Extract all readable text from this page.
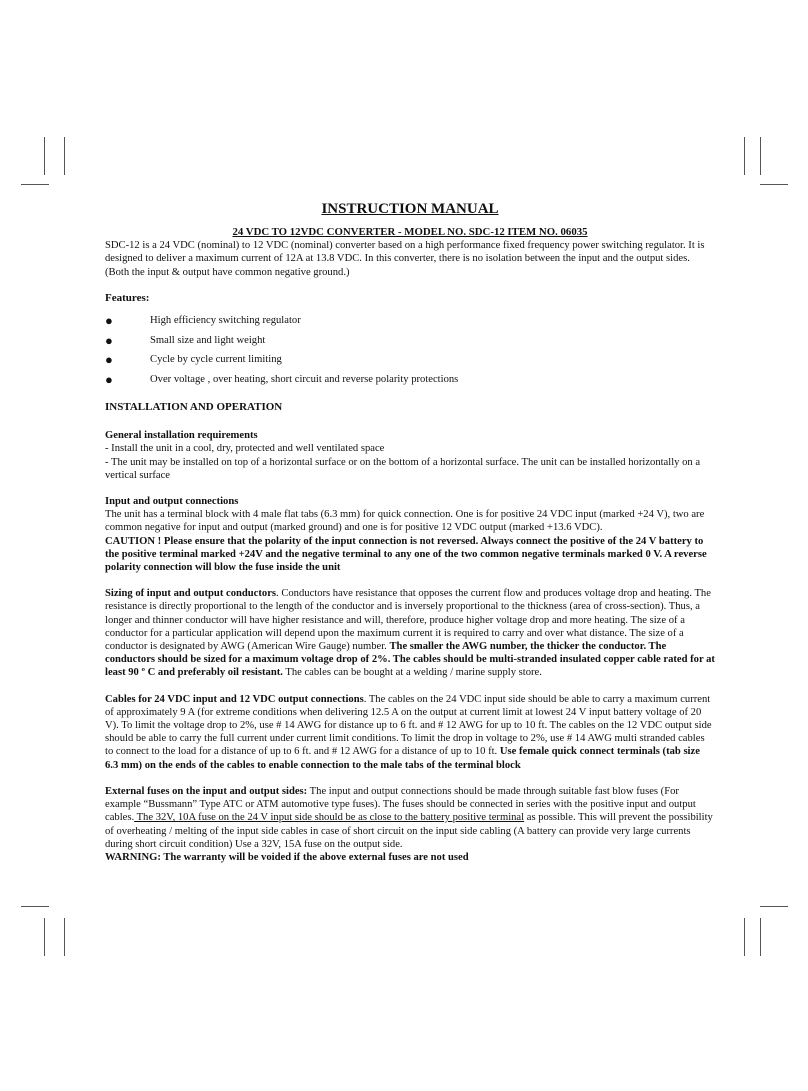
INSTRUCTION MANUAL
24 VDC TO 12VDC CONVERTER - MODEL NO. SDC-12 ITEM NO. 06035

SDC-12 is a 24 VDC (nominal) to 12 VDC (nominal) converter based on a high performance fixed frequency power switching regulator. It is designed to deliver a maximum current of 12A at 13.8 VDC. In this converter, there is no isolation between the input and the output sides. (Both the input & output have common negative ground.)

Features:
●	High efficiency switching regulator
●	Small size and light weight
●	Cycle by cycle current limiting
●	Over voltage , over heating, short circuit and reverse polarity protections
INSTALLATION AND OPERATION

General installation requirements

- Install the unit in a cool, dry, protected and well ventilated space

- The unit may be installed on top of a horizontal surface or on the bottom of a horizontal surface. The unit can be installed horizontally on a vertical surface

Input and output connections

The unit has a terminal block with 4 male flat tabs (6.3 mm) for quick connection. One is for positive 24 VDC input (marked +24 V), two are common negative for input and output (marked ground) and one is for positive 12 VDC output (marked +13.6 VDC).

CAUTION ! Please ensure that the polarity of the input connection is not reversed. Always connect the positive of the 24 V battery to the positive terminal marked +24V and the negative terminal to any one of the two common negative terminals marked 0 V. A reverse polarity connection will blow the fuse inside the unit

Sizing of input and output conductors. Conductors have resistance that opposes the current flow and produces voltage drop and heating. The resistance is directly proportional to the length of the conductor and is inversely proportional to the thickness (area of cross-section). Thus, a longer and thinner conductor will have higher resistance and will, therefore, produce higher voltage drop and more heating. The size of a conductor for a particular application will depend upon the maximum current it is required to carry and over what distance. The size of a conductor is designated by AWG (American Wire Gauge) number. The smaller the AWG number, the thicker the conductor. The conductors should be sized for a maximum voltage drop of 2%. The cables should be multi-stranded insulated copper cable rated for at least 90 º C and preferably oil resistant. The cables can be bought at a welding / marine supply store.

Cables for 24 VDC input and 12 VDC output connections. The cables on the 24 VDC input side should be able to carry a maximum current of approximately 9 A (for extreme conditions when delivering 12.5 A on the output at current limit at lowest 24 V input battery voltage of 20 V). To limit the voltage drop to 2%, use # 14 AWG for distance up to 6 ft. and # 12 AWG for up to 10 ft. The cables on the 12 VDC output side should be able to carry the full current under current limit conditions. To limit the drop in voltage to 2%, use # 14 AWG multi stranded cables to connect to the load for a distance of up to 6 ft. and # 12 AWG for a distance of up to 10 ft. Use female quick connect terminals (tab size 6.3 mm) on the ends of the cables to enable connection to the male tabs of the terminal block

External fuses on the input and output sides: The input and output connections should be made through suitable fast blow fuses (For example “Bussmann” Type ATC or ATM automotive type fuses). The fuses should be connected in series with the positive input and output cables. The 32V, 10A fuse on the 24 V input side should be as close to the battery positive terminal as possible. This will prevent the possibility of overheating / melting of the input side cables in case of short circuit on the input side cabling (A battery can provide very large currents during short circuit condition) Use a 32V, 15A fuse on the output side.

WARNING: The warranty will be voided if the above external fuses are not used
